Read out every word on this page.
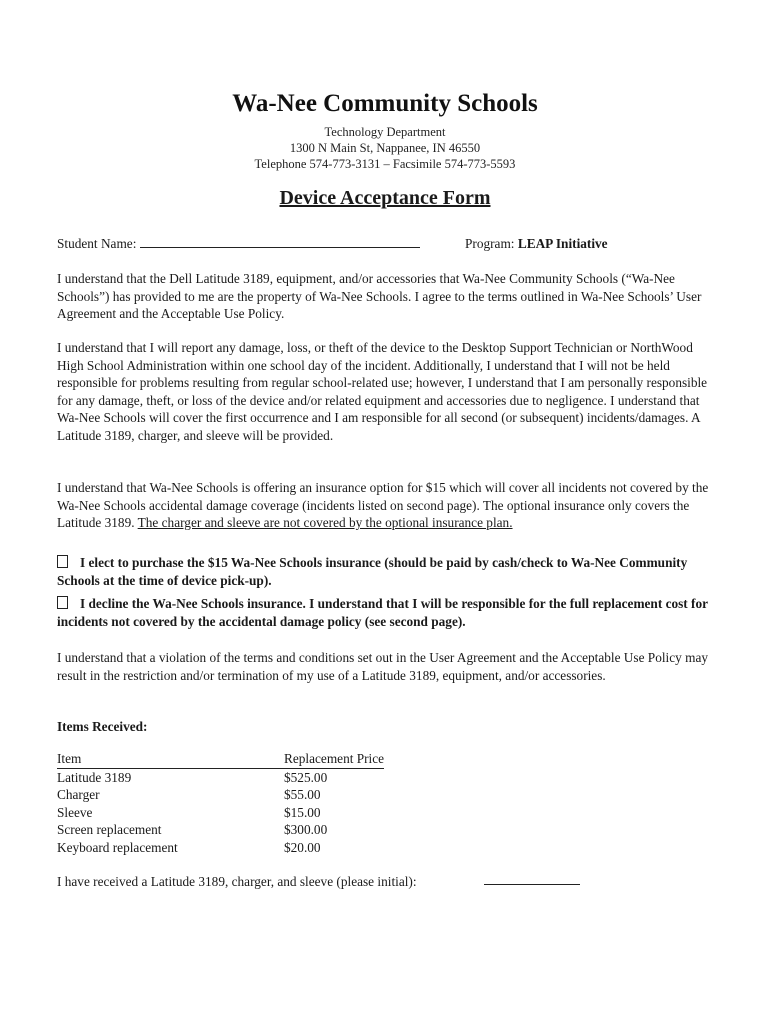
Wa-Nee Community Schools
Technology Department
1300 N Main St, Nappanee, IN 46550
Telephone 574-773-3131 – Facsimile 574-773-5593
Device Acceptance Form
Student Name:	Program: LEAP Initiative
I understand that the Dell Latitude 3189, equipment, and/or accessories that Wa-Nee Community Schools (“Wa-Nee Schools”) has provided to me are the property of Wa-Nee Schools. I agree to the terms outlined in Wa-Nee Schools’ User Agreement and the Acceptable Use Policy.
I understand that I will report any damage, loss, or theft of the device to the Desktop Support Technician or NorthWood High School Administration within one school day of the incident. Additionally, I understand that I will not be held responsible for problems resulting from regular school-related use; however, I understand that I am personally responsible for any damage, theft, or loss of the device and/or related equipment and accessories due to negligence. I understand that Wa-Nee Schools will cover the first occurrence and I am responsible for all second (or subsequent) incidents/damages. A Latitude 3189, charger, and sleeve will be provided.
I understand that Wa-Nee Schools is offering an insurance option for $15 which will cover all incidents not covered by the Wa-Nee Schools accidental damage coverage (incidents listed on second page). The optional insurance only covers the Latitude 3189. The charger and sleeve are not covered by the optional insurance plan.
I elect to purchase the $15 Wa-Nee Schools insurance (should be paid by cash/check to Wa-Nee Community Schools at the time of device pick-up).
I decline the Wa-Nee Schools insurance. I understand that I will be responsible for the full replacement cost for incidents not covered by the accidental damage policy (see second page).
I understand that a violation of the terms and conditions set out in the User Agreement and the Acceptable Use Policy may result in the restriction and/or termination of my use of a Latitude 3189, equipment, and/or accessories.
Items Received:
Item	Replacement Price
Latitude 3189	$525.00
Charger	$55.00
Sleeve	$15.00
Screen replacement	$300.00
Keyboard replacement	$20.00
I have received a Latitude 3189, charger, and sleeve (please initial):
